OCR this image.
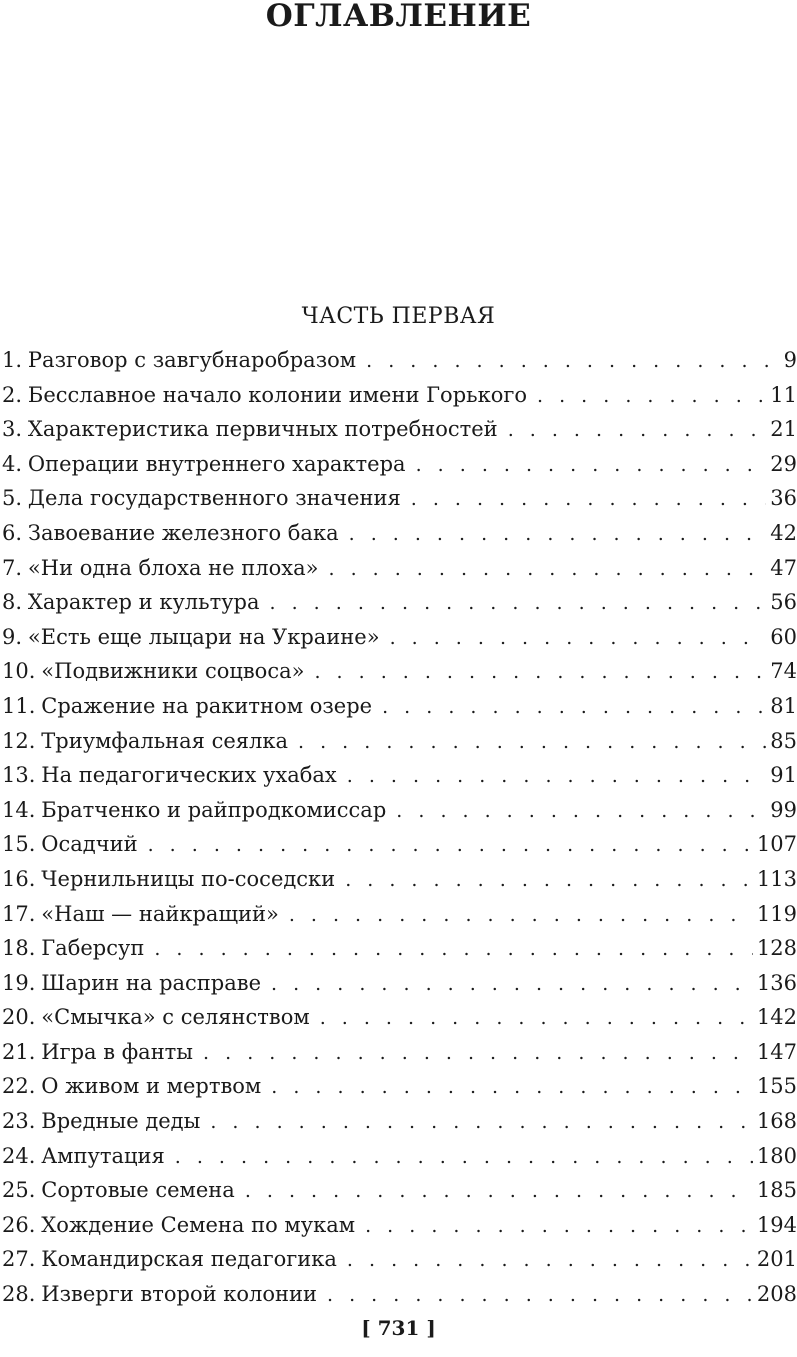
ОГЛАВЛЕНИЕ
ЧАСТЬ ПЕРВАЯ
1. Разговор с завгубнаробразом . . .	9
2. Бесславное начало колонии имени Горького . . .	11
3. Характеристика первичных потребностей . . .	21
4. Операции внутреннего характера . . .	29
5. Дела государственного значения . . .	36
6. Завоевание железного бака . . .	42
7. «Ни одна блоха не плоха» . . .	47
8. Характер и культура . . .	56
9. «Есть еще лыцари на Украине» . . .	60
10. «Подвижники соцвоса» . . .	74
11. Сражение на ракитном озере . . .	81
12. Триумфальная сеялка . . .	85
13. На педагогических ухабах . . .	91
14. Братченко и райпродкомиссар . . .	99
15. Осадчий . . .	107
16. Чернильницы по-соседски . . .	113
17. «Наш — найкращий» . . .	119
18. Габерсуп . . .	128
19. Шарин на расправе . . .	136
20. «Смычка» с селянством . . .	142
21. Игра в фанты . . .	147
22. О живом и мертвом . . .	155
23. Вредные деды . . .	168
24. Ампутация . . .	180
25. Сортовые семена . . .	185
26. Хождение Семена по мукам . . .	194
27. Командирская педагогика . . .	201
28. Изверги второй колонии . . .	208
[ 731 ]
